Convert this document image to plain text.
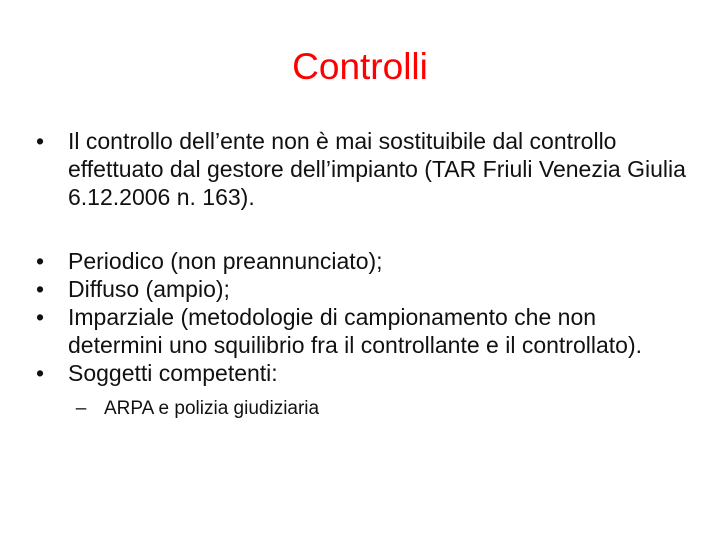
Controlli
• Il controllo dell’ente non è mai sostituibile dal controllo effettuato dal gestore dell’impianto (TAR Friuli Venezia Giulia 6.12.2006 n. 163).
• Periodico (non preannunciato);
• Diffuso (ampio);
• Imparziale (metodologie di campionamento che non determini uno squilibrio fra il controllante e il controllato).
• Soggetti competenti:
– ARPA e polizia giudiziaria
